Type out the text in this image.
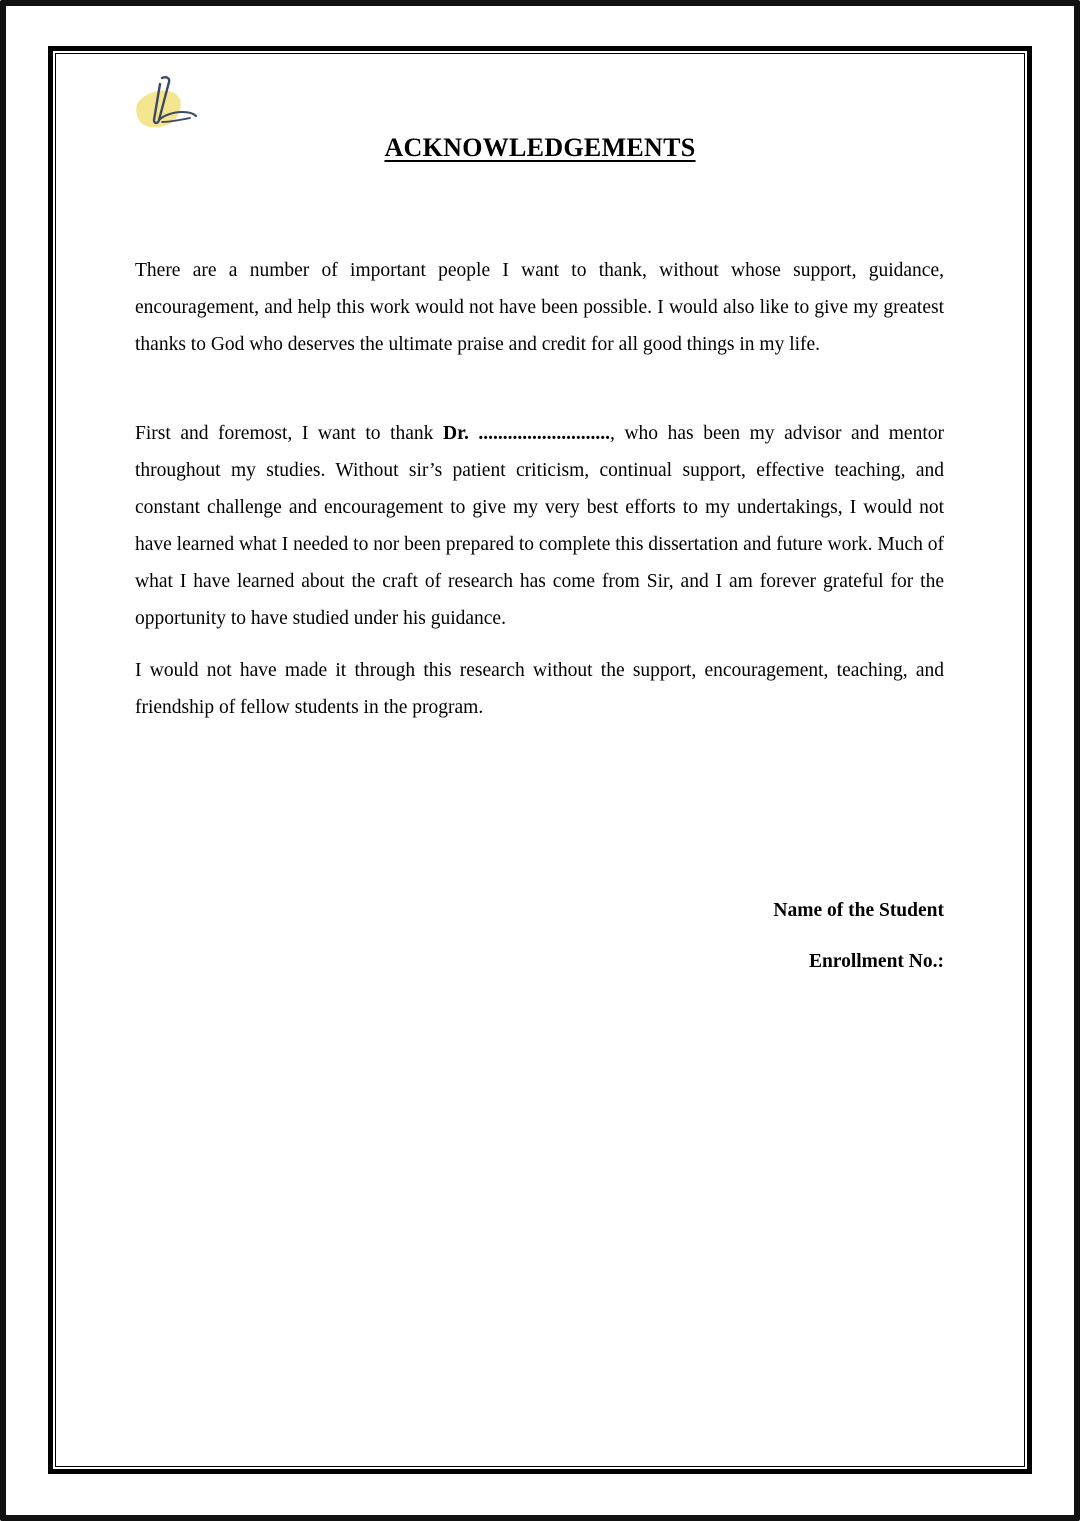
ACKNOWLEDGEMENTS

There are a number of important people I want to thank, without whose support, guidance, encouragement, and help this work would not have been possible. I would also like to give my greatest thanks to God who deserves the ultimate praise and credit for all good things in my life.

First and foremost, I want to thank Dr. ..........................., who has been my advisor and mentor throughout my studies. Without sir’s patient criticism, continual support, effective teaching, and constant challenge and encouragement to give my very best efforts to my undertakings, I would not have learned what I needed to nor been prepared to complete this dissertation and future work. Much of what I have learned about the craft of research has come from Sir, and I am forever grateful for the opportunity to have studied under his guidance.

I would not have made it through this research without the support, encouragement, teaching, and friendship of fellow students in the program.

Name of the Student
Enrollment No.:
